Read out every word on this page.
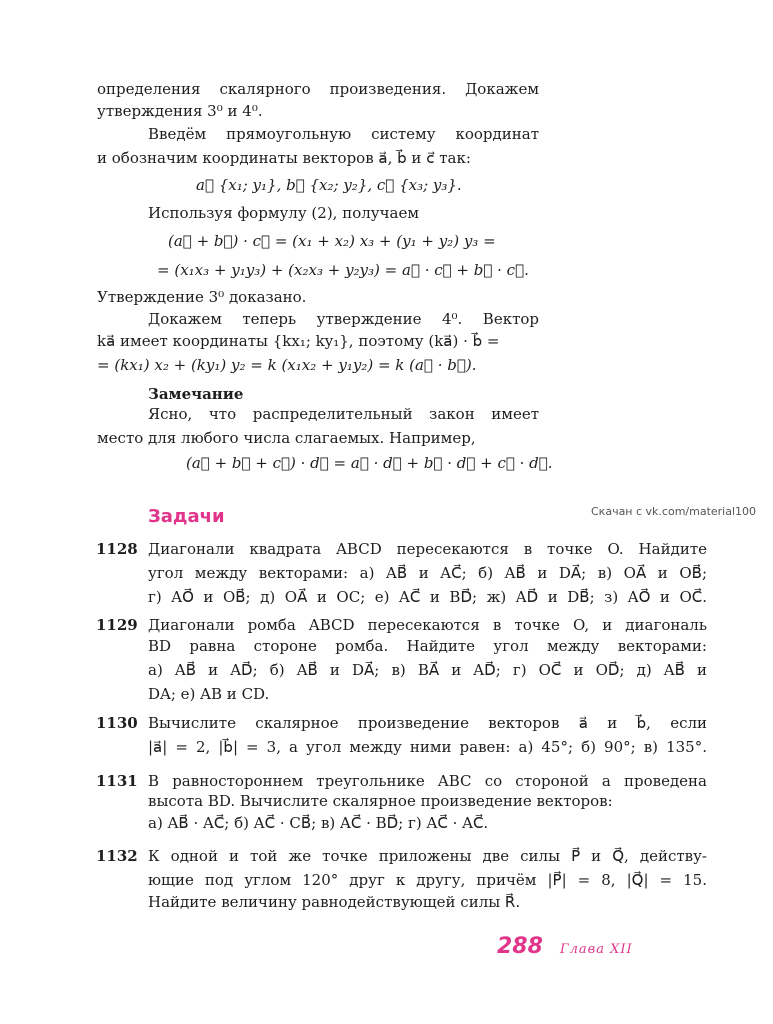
определения скалярного произведения. Докажем
утверждения 3⁰ и 4⁰.
Введём прямоугольную систему координат
и обозначим координаты векторов a⃗, b⃗ и c⃗ так:
a⃗ {x₁; y₁}, b⃗ {x₂; y₂}, c⃗ {x₃; y₃}.
Используя формулу (2), получаем
(a⃗ + b⃗) · c⃗ = (x₁ + x₂) x₃ + (y₁ + y₂) y₃ =
= (x₁x₃ + y₁y₃) + (x₂x₃ + y₂y₃) = a⃗ · c⃗ + b⃗ · c⃗.
Утверждение 3⁰ доказано.
Докажем теперь утверждение 4⁰. Вектор
ka⃗ имеет координаты {kx₁; ky₁}, поэтому (ka⃗) · b⃗ =
= (kx₁) x₂ + (ky₁) y₂ = k (x₁x₂ + y₁y₂) = k (a⃗ · b⃗).
Замечание
Ясно, что распределительный закон имеет
место для любого числа слагаемых. Например,
(a⃗ + b⃗ + c⃗) · d⃗ = a⃗ · d⃗ + b⃗ · d⃗ + c⃗ · d⃗.
Задачи	Скачан с vk.com/material100
1128 Диагонали квадрата ABCD пересекаются в точке O. Найдите
угол между векторами: а) AB⃗ и AC⃗; б) AB⃗ и DA⃗; в) OA⃗ и OB⃗;
г) AO⃗ и OB⃗; д) OA⃗ и OC; е) AC⃗ и BD⃗; ж) AD⃗ и DB⃗; з) AO⃗ и OC⃗.
1129 Диагонали ромба ABCD пересекаются в точке O, и диагональ
BD равна стороне ромба. Найдите угол между векторами:
а) AB⃗ и AD⃗; б) AB⃗ и DA⃗; в) BA⃗ и AD⃗; г) OC⃗ и OD⃗; д) AB⃗ и
DA; е) AB и CD.
1130 Вычислите скалярное произведение векторов a⃗ и b⃗, если
|a⃗| = 2, |b⃗| = 3, а угол между ними равен: а) 45°; б) 90°; в) 135°.
1131 В равностороннем треугольнике ABC со стороной a проведена
высота BD. Вычислите скалярное произведение векторов:
а) AB⃗ · AC⃗; б) AC⃗ · CB⃗; в) AC⃗ · BD⃗; г) AC⃗ · AC⃗.
1132 К одной и той же точке приложены две силы P⃗ и Q⃗, действу-
ющие под углом 120° друг к другу, причём |P⃗| = 8, |Q⃗| = 15.
Найдите величину равнодействующей силы R⃗.
288 Глава XII
